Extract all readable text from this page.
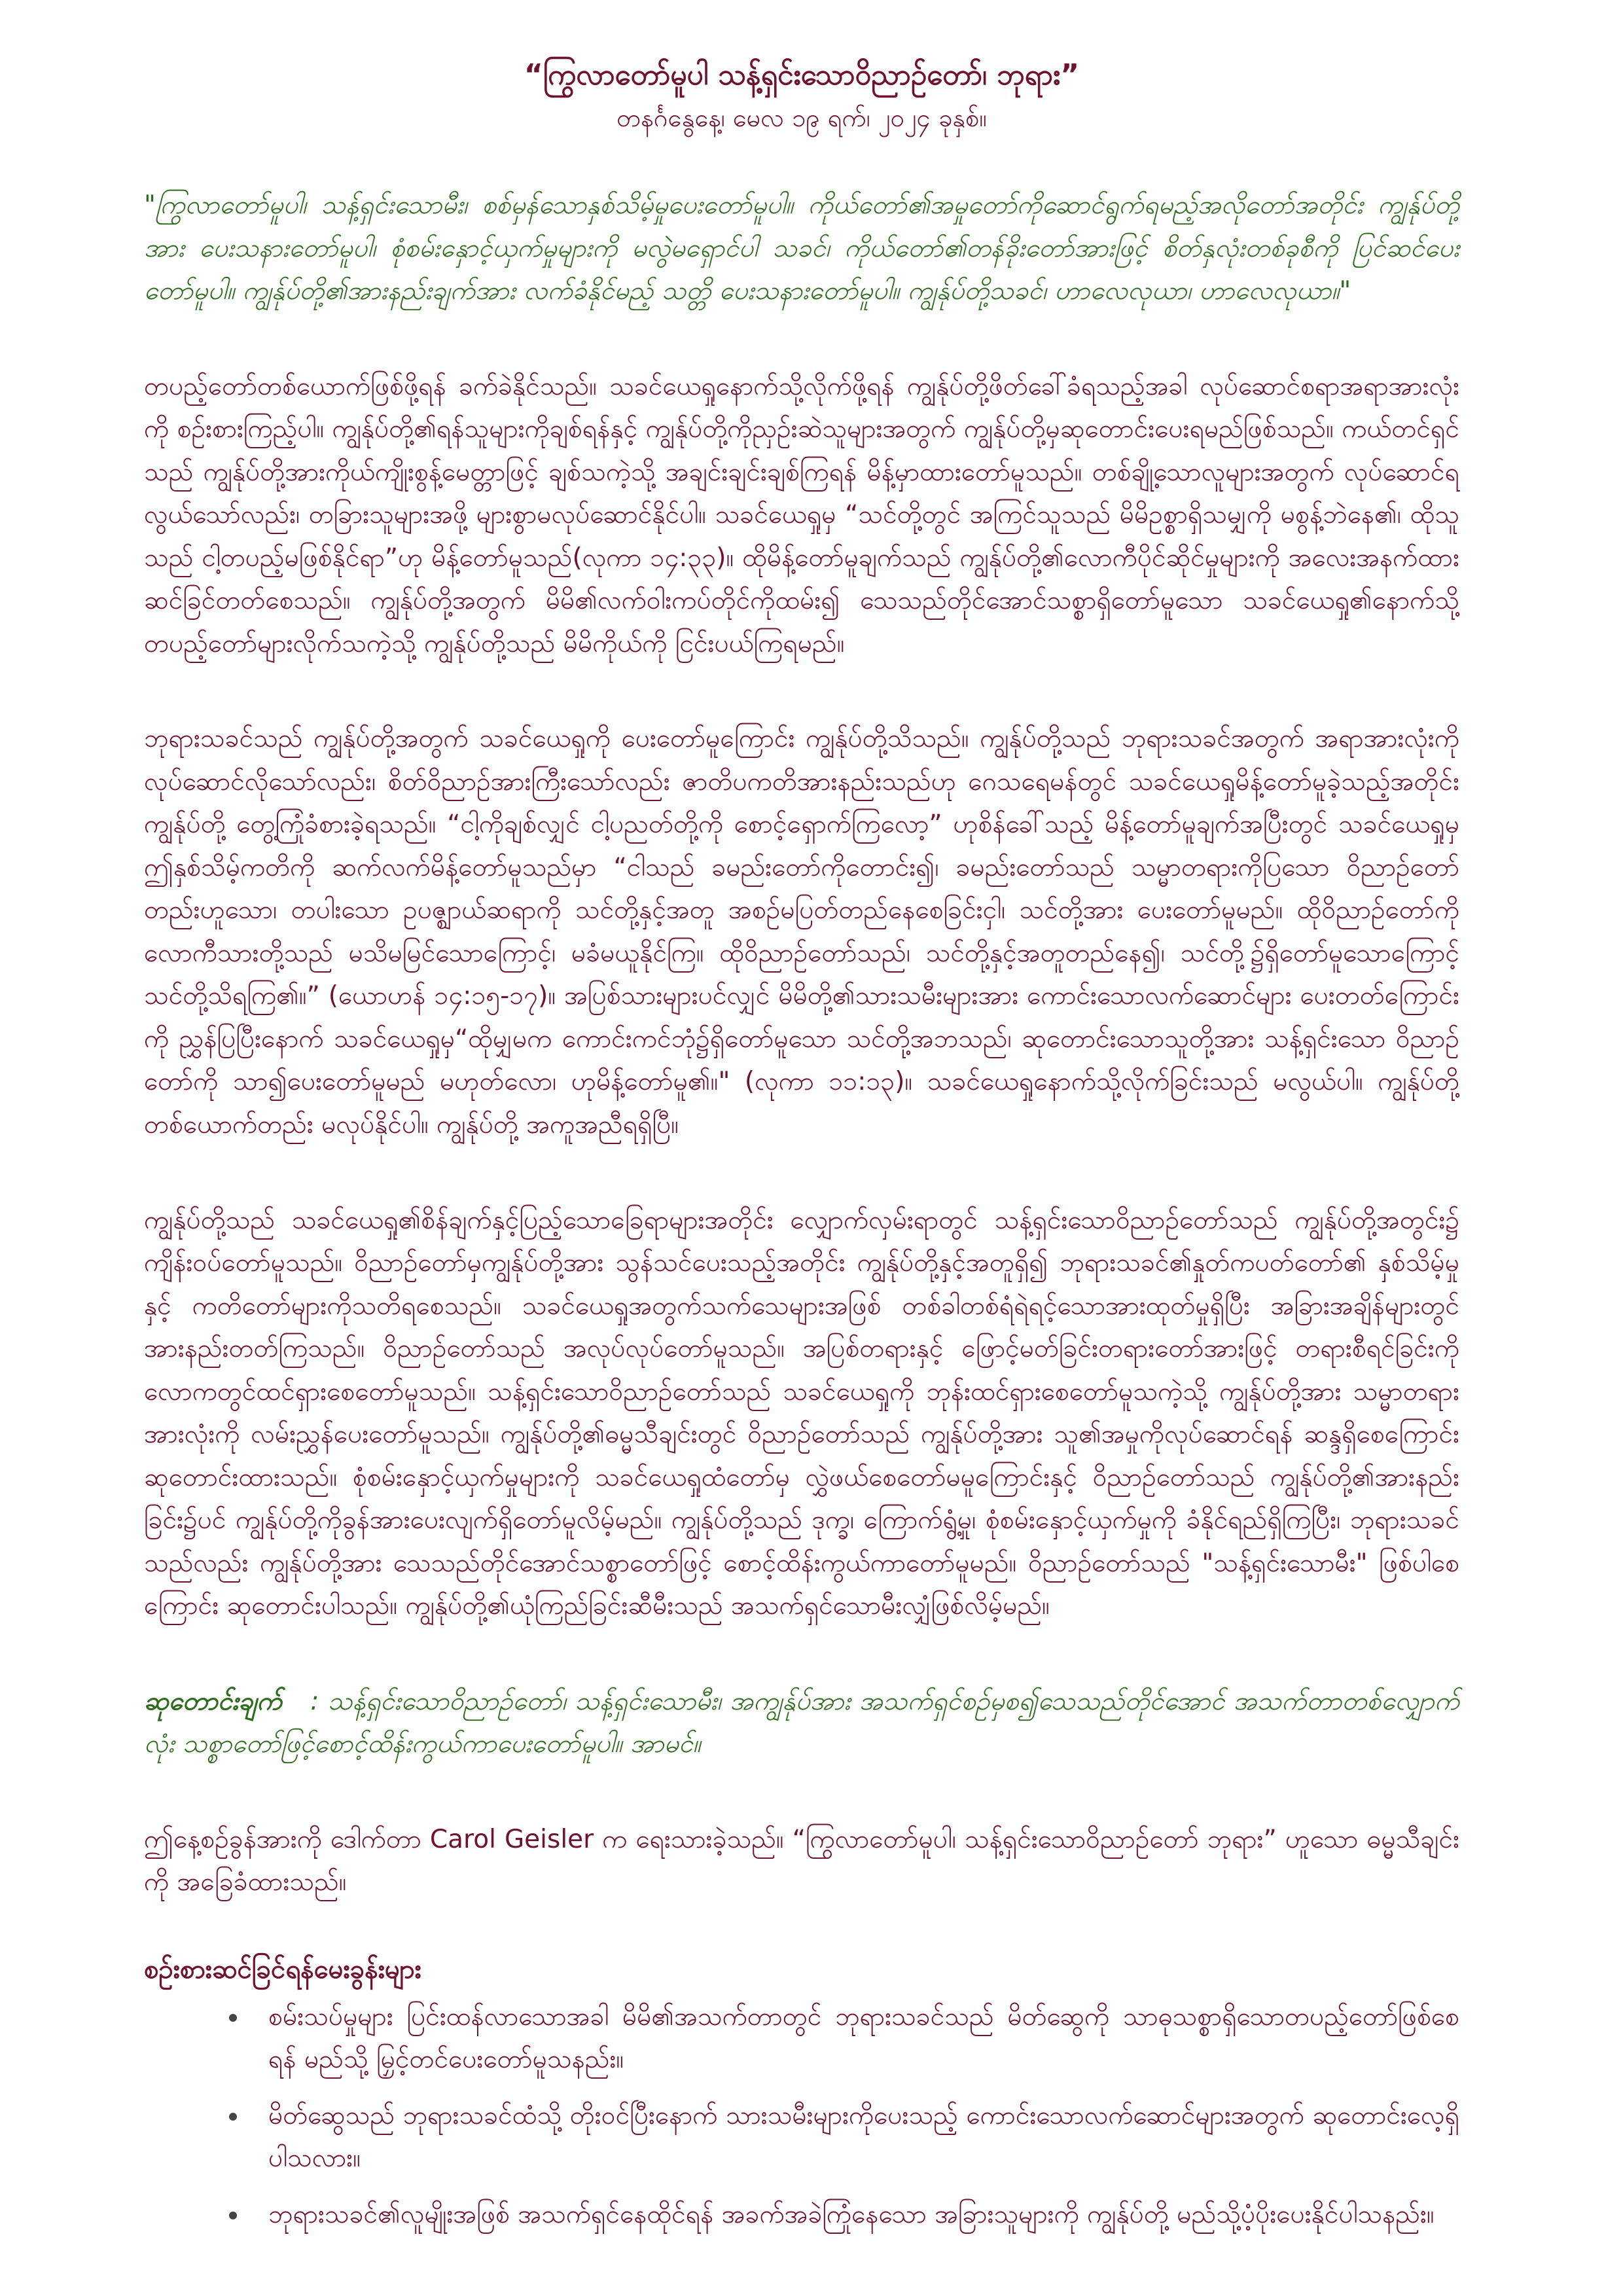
“ကြွလာတော်မူပါ သန့်ရှင်းသောဝိညာဉ်တော်၊ ဘုရား”

တနင်္ဂနွေနေ့၊ မေလ ၁၉ ရက်၊ ၂၀၂၄ ခုနှစ်။

"ကြွလာတော်မူပါ၊ သန့်ရှင်းသောမီး၊ စစ်မှန်သောနှစ်သိမ့်မှုပေးတော်မူပါ။ ကိုယ်တော်၏အမှုတော်ကိုဆောင်ရွက်ရမည့်အလိုတော်အတိုင်း ကျွန်ုပ်တို့အား ပေးသနားတော်မူပါ၊ စုံစမ်းနှောင့်ယှက်မှုများကို မလွဲမရှောင်ပါ သခင်၊ ကိုယ်တော်၏တန်ခိုးတော်အားဖြင့် စိတ်နှလုံးတစ်ခုစီကို ပြင်ဆင်ပေးတော်မူပါ။ ကျွန်ုပ်တို့၏အားနည်းချက်အား လက်ခံနိုင်မည့် သတ္တိ ပေးသနားတော်မူပါ။ ကျွန်ုပ်တို့သခင်၊ ဟာလေလုယာ၊ ဟာလေလုယာ။"

တပည့်တော်တစ်ယောက်ဖြစ်ဖို့ရန် ခက်ခဲနိုင်သည်။ သခင်ယေရှုနောက်သို့လိုက်ဖို့ရန် ကျွန်ုပ်တို့ဖိတ်ခေါ်ခံရသည့်အခါ လုပ်ဆောင်စရာအရာအားလုံးကို စဉ်းစားကြည့်ပါ။ ကျွန်ုပ်တို့၏ရန်သူများကိုချစ်ရန်နှင့် ကျွန်ုပ်တို့ကိုညှဉ်းဆဲသူများအတွက် ကျွန်ုပ်တို့မှဆုတောင်းပေးရမည်ဖြစ်သည်။ ကယ်တင်ရှင်သည် ကျွန်ုပ်တို့အားကိုယ်ကျိုးစွန့်မေတ္တာဖြင့် ချစ်သကဲ့သို့ အချင်းချင်းချစ်ကြရန် မိန့်မှာထားတော်မူသည်။ တစ်ချို့သောလူများအတွက် လုပ်ဆောင်ရလွယ်သော်လည်း၊ တခြားသူများအဖို့ များစွာမလုပ်ဆောင်နိုင်ပါ။ သခင်ယေရှုမှ “သင်တို့တွင် အကြင်သူသည် မိမိဥစ္စာရှိသမျှကို မစွန့်ဘဲနေ၏၊ ထိုသူသည် ငါ့တပည့်မဖြစ်နိုင်ရာ”ဟု မိန့်တော်မူသည်(လုကာ ၁၄:၃၃)။ ထိုမိန့်တော်မူချက်သည် ကျွန်ုပ်တို့၏လောကီပိုင်ဆိုင်မှုများကို အလေးအနက်ထား ဆင်ခြင်တတ်စေသည်။ ကျွန်ုပ်တို့အတွက် မိမိ၏လက်ဝါးကပ်တိုင်ကိုထမ်း၍ သေသည်တိုင်အောင်သစ္စာရှိတော်မူသော သခင်ယေရှု၏နောက်သို့ တပည့်တော်များလိုက်သကဲ့သို့ ကျွန်ုပ်တို့သည် မိမိကိုယ်ကို ငြင်းပယ်ကြရမည်။

ဘုရားသခင်သည် ကျွန်ုပ်တို့အတွက် သခင်ယေရှုကို ပေးတော်မူကြောင်း ကျွန်ုပ်တို့သိသည်။ ကျွန်ုပ်တို့သည် ဘုရားသခင်အတွက် အရာအားလုံးကို လုပ်ဆောင်လိုသော်လည်း၊ စိတ်ဝိညာဉ်အားကြီးသော်လည်း ဇာတိပကတိအားနည်းသည်ဟု ဂေသရေမန်တွင် သခင်ယေရှုမိန့်တော်မူခဲ့သည့်အတိုင်း ကျွန်ုပ်တို့ တွေ့ကြုံခံစားခဲ့ရသည်။ “ငါ့ကိုချစ်လျှင် ငါ့ပညတ်တို့ကို စောင့်ရှောက်ကြလော့” ဟုစိန်ခေါ်သည့် မိန့်တော်မူချက်အပြီးတွင် သခင်ယေရှုမှ ဤနှစ်သိမ့်ကတိကို ဆက်လက်မိန့်တော်မူသည်မှာ “ငါသည် ခမည်းတော်ကိုတောင်း၍၊ ခမည်းတော်သည် သမ္မာတရားကိုပြသော ဝိညာဉ်တော် တည်းဟူသော၊ တပါးသော ဥပဇ္ဈာယ်ဆရာကို သင်တို့နှင့်အတူ အစဉ်မပြတ်တည်နေစေခြင်းငှါ၊ သင်တို့အား ပေးတော်မူမည်။ ထိုဝိညာဉ်တော်ကို လောကီသားတို့သည် မသိမမြင်သောကြောင့်၊ မခံမယူနိုင်ကြ။ ထိုဝိညာဉ်တော်သည်၊ သင်တို့နှင့်အတူတည်နေ၍၊ သင်တို့၌ရှိတော်မူသောကြောင့် သင်တို့သိရကြ၏။” (ယောဟန် ၁၄:၁၅-၁၇)။ အပြစ်သားများပင်လျှင် မိမိတို့၏သားသမီးများအား ကောင်းသောလက်ဆောင်များ ပေးတတ်ကြောင်းကို ညွှန်ပြပြီးနောက် သခင်ယေရှုမှ“ထိုမျှမက ကောင်းကင်ဘုံ၌ရှိတော်မူသော သင်တို့အဘသည်၊ ဆုတောင်းသောသူတို့အား သန့်ရှင်းသော ဝိညာဉ်တော်ကို သာ၍ပေးတော်မူမည် မဟုတ်လော၊ ဟုမိန့်တော်မူ၏။" (လုကာ ၁၁:၁၃)။ သခင်ယေရှုနောက်သို့လိုက်ခြင်းသည် မလွယ်ပါ။ ကျွန်ုပ်တို့ တစ်ယောက်တည်း မလုပ်နိုင်ပါ။ ကျွန်ုပ်တို့ အကူအညီရရှိပြီ။

ကျွန်ုပ်တို့သည် သခင်ယေရှု၏စိန်ချက်နှင့်ပြည့်သောခြေရာများအတိုင်း လျှောက်လှမ်းရာတွင် သန့်ရှင်းသောဝိညာဉ်တော်သည် ကျွန်ုပ်တို့အတွင်း၌ ကျိန်းဝပ်တော်မူသည်။ ဝိညာဉ်တော်မှကျွန်ုပ်တို့အား သွန်သင်ပေးသည့်အတိုင်း ကျွန်ုပ်တို့နှင့်အတူရှိ၍ ဘုရားသခင်၏နှုတ်ကပတ်တော်၏ နှစ်သိမ့်မှုနှင့် ကတိတော်များကိုသတိရစေသည်။ သခင်ယေရှုအတွက်သက်သေများအဖြစ် တစ်ခါတစ်ရံရဲရင့်သောအားထုတ်မှုရှိပြီး အခြားအချိန်များတွင် အားနည်းတတ်ကြသည်။ ဝိညာဉ်တော်သည် အလုပ်လုပ်တော်မူသည်။ အပြစ်တရားနှင့် ဖြောင့်မတ်ခြင်းတရားတော်အားဖြင့် တရားစီရင်ခြင်းကို လောကတွင်ထင်ရှားစေတော်မူသည်။ သန့်ရှင်းသောဝိညာဉ်တော်သည် သခင်ယေရှုကို ဘုန်းထင်ရှားစေတော်မူသကဲ့သို့ ကျွန်ုပ်တို့အား သမ္မာတရားအားလုံးကို လမ်းညွှန်ပေးတော်မူသည်။ ကျွန်ုပ်တို့၏ဓမ္မသီချင်းတွင် ဝိညာဉ်တော်သည် ကျွန်ုပ်တို့အား သူ၏အမှုကိုလုပ်ဆောင်ရန် ဆန္ဒရှိစေကြောင်း ဆုတောင်းထားသည်။ စုံစမ်းနှောင့်ယှက်မှုများကို သခင်ယေရှုထံတော်မှ လွှဲဖယ်စေတော်မမူကြောင်းနှင့် ဝိညာဉ်တော်သည် ကျွန်ုပ်တို့၏အားနည်းခြင်း၌ပင် ကျွန်ုပ်တို့ကိုခွန်အားပေးလျက်ရှိတော်မူလိမ့်မည်။ ကျွန်ုပ်တို့သည် ဒုက္ခ၊ ကြောက်ရွံ့မှု၊ စုံစမ်းနှောင့်ယှက်မှုကို ခံနိုင်ရည်ရှိကြပြီး၊ ဘုရားသခင်သည်လည်း ကျွန်ုပ်တို့အား သေသည်တိုင်အောင်သစ္စာတော်ဖြင့် စောင့်ထိန်းကွယ်ကာတော်မူမည်။ ဝိညာဉ်တော်သည် "သန့်ရှင်းသောမီး" ဖြစ်ပါစေကြောင်း ဆုတောင်းပါသည်။ ကျွန်ုပ်တို့၏ယုံကြည်ခြင်းဆီမီးသည် အသက်ရှင်သောမီးလျှံဖြစ်လိမ့်မည်။

ဆုတောင်းချက် : သန့်ရှင်းသောဝိညာဉ်တော်၊ သန့်ရှင်းသောမီး၊ အကျွန်ုပ်အား အသက်ရှင်စဉ်မှစ၍သေသည်တိုင်အောင် အသက်တာတစ်လျှောက်လုံး သစ္စာတော်ဖြင့်စောင့်ထိန်းကွယ်ကာပေးတော်မူပါ။ အာမင်။

ဤနေ့စဉ်ခွန်အားကို ဒေါက်တာ Carol Geisler က ရေးသားခဲ့သည်။ “ကြွလာတော်မူပါ၊ သန့်ရှင်းသောဝိညာဉ်တော် ဘုရား” ဟူသော ဓမ္မသီချင်းကို အခြေခံထားသည်။

စဉ်းစားဆင်ခြင်ရန်မေးခွန်းများ

• စမ်းသပ်မှုများ ပြင်းထန်လာသောအခါ မိမိ၏အသက်တာတွင် ဘုရားသခင်သည် မိတ်ဆွေကို သာဓုသစ္စာရှိသောတပည့်တော်ဖြစ်စေရန် မည်သို့ မြှင့်တင်ပေးတော်မူသနည်း။
• မိတ်ဆွေသည် ဘုရားသခင်ထံသို့ တိုးဝင်ပြီးနောက် သားသမီးများကိုပေးသည့် ကောင်းသောလက်ဆောင်များအတွက် ဆုတောင်းလေ့ရှိပါသလား။
• ဘုရားသခင်၏လူမျိုးအဖြစ် အသက်ရှင်နေထိုင်ရန် အခက်အခဲကြုံနေသော အခြားသူများကို ကျွန်ုပ်တို့ မည်သို့ပံ့ပိုးပေးနိုင်ပါသနည်း။
